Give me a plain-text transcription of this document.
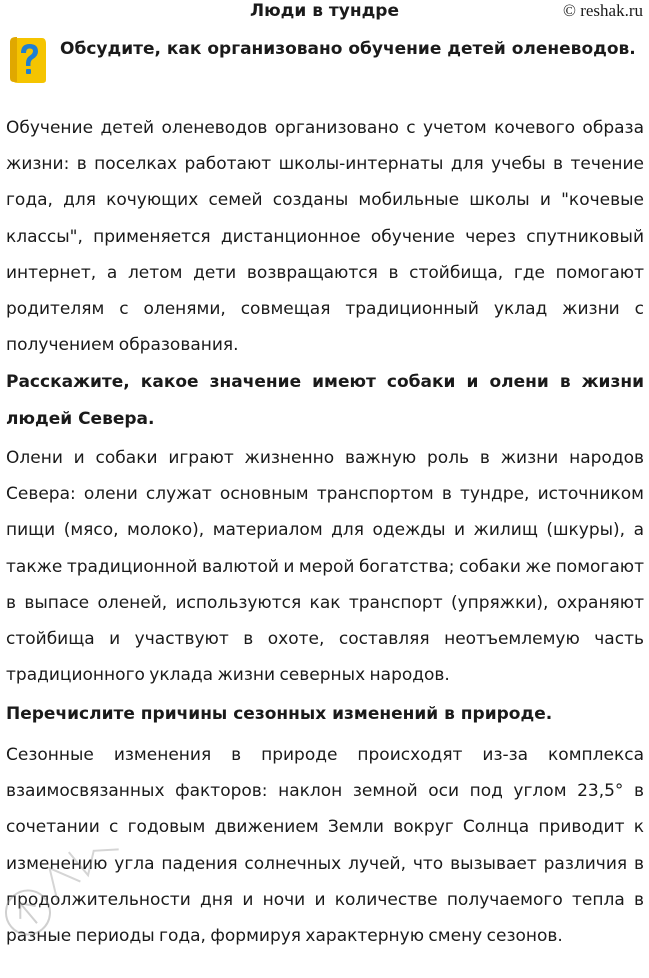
Люди в тундре	© reshak.ru

Обсудите, как организовано обучение детей оленеводов.

Обучение детей оленеводов организовано с учетом кочевого образа жизни: в поселках работают школы-интернаты для учебы в течение года, для кочующих семей созданы мобильные школы и "кочевые классы", применяется дистанционное обучение через спутниковый интернет, а летом дети возвращаются в стойбища, где помогают родителям с оленями, совмещая традиционный уклад жизни с получением образования.

Расскажите, какое значение имеют собаки и олени в жизни людей Севера.

Олени и собаки играют жизненно важную роль в жизни народов Севера: олени служат основным транспортом в тундре, источником пищи (мясо, молоко), материалом для одежды и жилищ (шкуры), а также традиционной валютой и мерой богатства; собаки же помогают в выпасе оленей, используются как транспорт (упряжки), охраняют стойбища и участвуют в охоте, составляя неотъемлемую часть традиционного уклада жизни северных народов.

Перечислите причины сезонных изменений в природе.

Сезонные изменения в природе происходят из-за комплекса взаимосвязанных факторов: наклон земной оси под углом 23,5° в сочетании с годовым движением Земли вокруг Солнца приводит к изменению угла падения солнечных лучей, что вызывает различия в продолжительности дня и ночи и количестве получаемого тепла в разные периоды года, формируя характерную смену сезонов.
